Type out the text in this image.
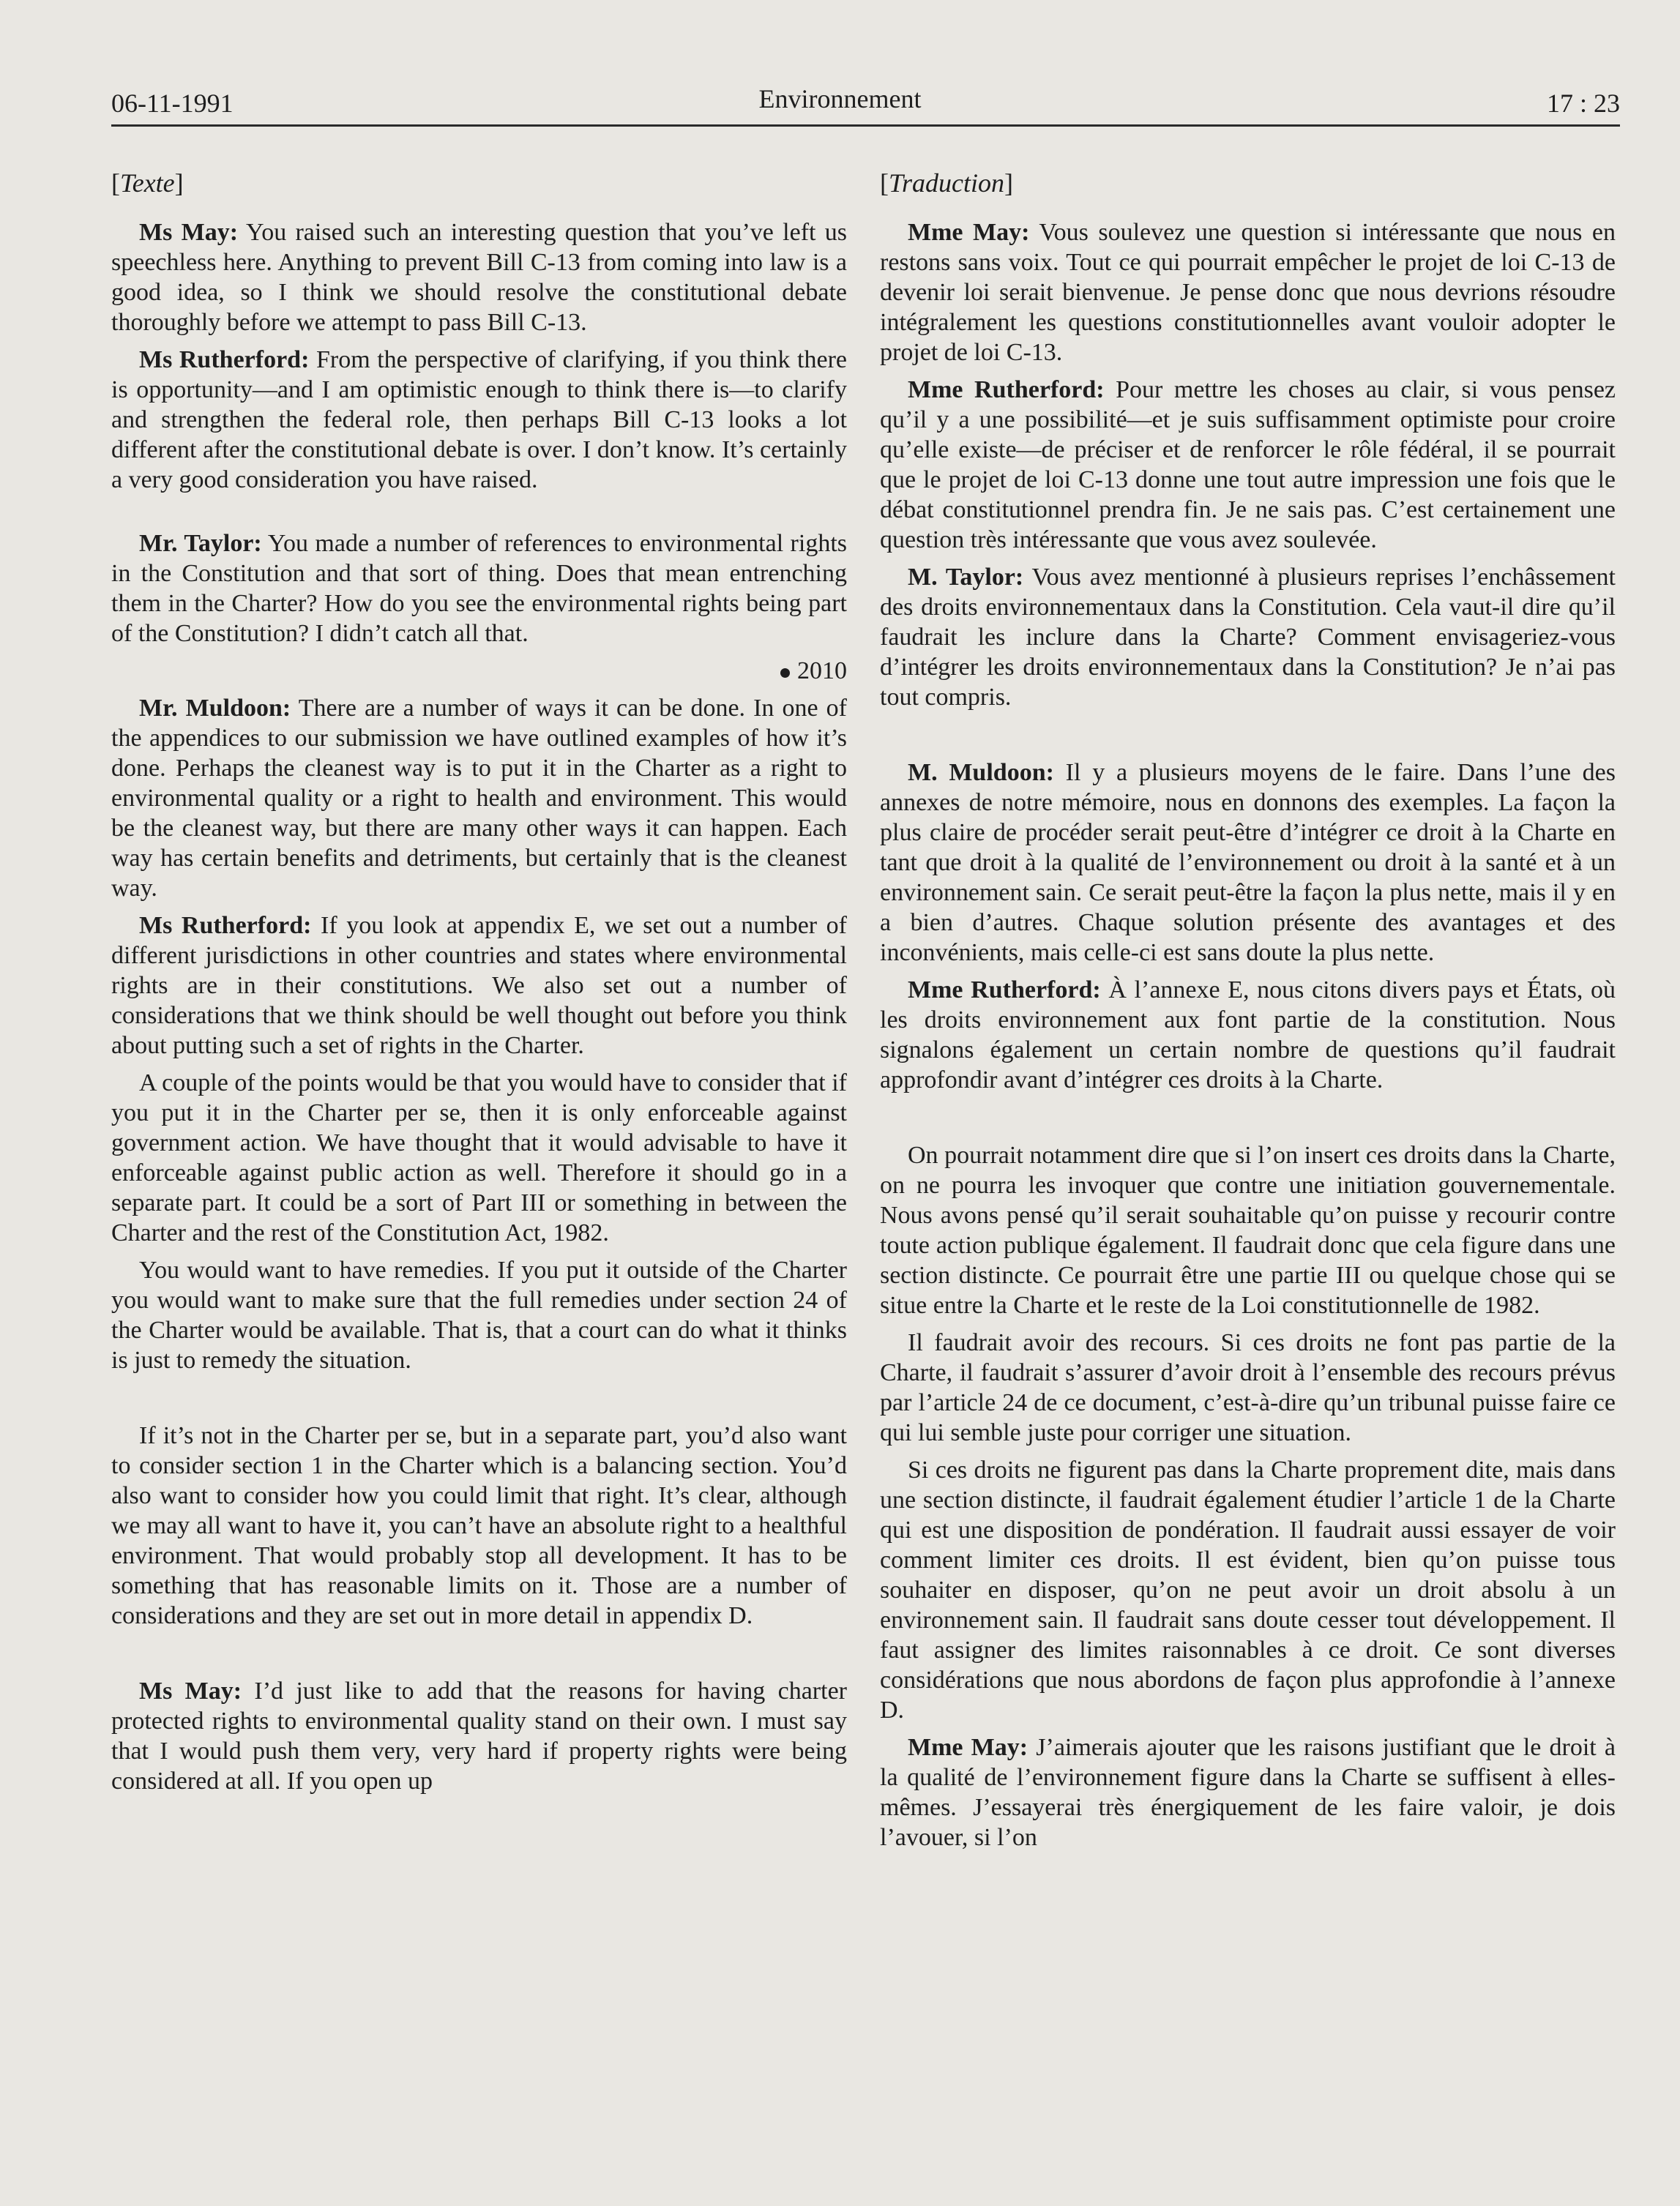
06-11-1991	Environnement	17 : 23
[Texte]

Ms May: You raised such an interesting question that you’ve left us speechless here. Anything to prevent Bill C-13 from coming into law is a good idea, so I think we should resolve the constitutional debate thoroughly before we attempt to pass Bill C-13.

Ms Rutherford: From the perspective of clarifying, if you think there is opportunity—and I am optimistic enough to think there is—to clarify and strengthen the federal role, then perhaps Bill C-13 looks a lot different after the constitutional debate is over. I don’t know. It’s certainly a very good consideration you have raised.

Mr. Taylor: You made a number of references to environmental rights in the Constitution and that sort of thing. Does that mean entrenching them in the Charter? How do you see the environmental rights being part of the Constitution? I didn’t catch all that.

2010

Mr. Muldoon: There are a number of ways it can be done. In one of the appendices to our submission we have outlined examples of how it’s done. Perhaps the cleanest way is to put it in the Charter as a right to environmental quality or a right to health and environment. This would be the cleanest way, but there are many other ways it can happen. Each way has certain benefits and detriments, but certainly that is the cleanest way.

Ms Rutherford: If you look at appendix E, we set out a number of different jurisdictions in other countries and states where environmental rights are in their constitutions. We also set out a number of considerations that we think should be well thought out before you think about putting such a set of rights in the Charter.

A couple of the points would be that you would have to consider that if you put it in the Charter per se, then it is only enforceable against government action. We have thought that it would advisable to have it enforceable against public action as well. Therefore it should go in a separate part. It could be a sort of Part III or something in between the Charter and the rest of the Constitution Act, 1982.

You would want to have remedies. If you put it outside of the Charter you would want to make sure that the full remedies under section 24 of the Charter would be available. That is, that a court can do what it thinks is just to remedy the situation.

If it’s not in the Charter per se, but in a separate part, you’d also want to consider section 1 in the Charter which is a balancing section. You’d also want to consider how you could limit that right. It’s clear, although we may all want to have it, you can’t have an absolute right to a healthful environment. That would probably stop all development. It has to be something that has reasonable limits on it. Those are a number of considerations and they are set out in more detail in appendix D.

Ms May: I’d just like to add that the reasons for having charter protected rights to environmental quality stand on their own. I must say that I would push them very, very hard if property rights were being considered at all. If you open up

[Traduction]

Mme May: Vous soulevez une question si intéressante que nous en restons sans voix. Tout ce qui pourrait empêcher le projet de loi C-13 de devenir loi serait bienvenue. Je pense donc que nous devrions résoudre intégralement les questions constitutionnelles avant vouloir adopter le projet de loi C-13.

Mme Rutherford: Pour mettre les choses au clair, si vous pensez qu’il y a une possibilité—et je suis suffisamment optimiste pour croire qu’elle existe—de préciser et de renforcer le rôle fédéral, il se pourrait que le projet de loi C-13 donne une tout autre impression une fois que le débat constitutionnel prendra fin. Je ne sais pas. C’est certainement une question très intéressante que vous avez soulevée.

M. Taylor: Vous avez mentionné à plusieurs reprises l’enchâssement des droits environnementaux dans la Constitution. Cela vaut-il dire qu’il faudrait les inclure dans la Charte? Comment envisageriez-vous d’intégrer les droits environnementaux dans la Constitution? Je n’ai pas tout compris.

M. Muldoon: Il y a plusieurs moyens de le faire. Dans l’une des annexes de notre mémoire, nous en donnons des exemples. La façon la plus claire de procéder serait peut-être d’intégrer ce droit à la Charte en tant que droit à la qualité de l’environnement ou droit à la santé et à un environnement sain. Ce serait peut-être la façon la plus nette, mais il y en a bien d’autres. Chaque solution présente des avantages et des inconvénients, mais celle-ci est sans doute la plus nette.

Mme Rutherford: À l’annexe E, nous citons divers pays et États, où les droits environnement aux font partie de la constitution. Nous signalons également un certain nombre de questions qu’il faudrait approfondir avant d’intégrer ces droits à la Charte.

On pourrait notamment dire que si l’on insert ces droits dans la Charte, on ne pourra les invoquer que contre une initiation gouvernementale. Nous avons pensé qu’il serait souhaitable qu’on puisse y recourir contre toute action publique également. Il faudrait donc que cela figure dans une section distincte. Ce pourrait être une partie III ou quelque chose qui se situe entre la Charte et le reste de la Loi constitutionnelle de 1982.

Il faudrait avoir des recours. Si ces droits ne font pas partie de la Charte, il faudrait s’assurer d’avoir droit à l’ensemble des recours prévus par l’article 24 de ce document, c’est-à-dire qu’un tribunal puisse faire ce qui lui semble juste pour corriger une situation.

Si ces droits ne figurent pas dans la Charte proprement dite, mais dans une section distincte, il faudrait également étudier l’article 1 de la Charte qui est une disposition de pondération. Il faudrait aussi essayer de voir comment limiter ces droits. Il est évident, bien qu’on puisse tous souhaiter en disposer, qu’on ne peut avoir un droit absolu à un environnement sain. Il faudrait sans doute cesser tout développement. Il faut assigner des limites raisonnables à ce droit. Ce sont diverses considérations que nous abordons de façon plus approfondie à l’annexe D.

Mme May: J’aimerais ajouter que les raisons justifiant que le droit à la qualité de l’environnement figure dans la Charte se suffisent à elles-mêmes. J’essayerai très énergiquement de les faire valoir, je dois l’avouer, si l’on
